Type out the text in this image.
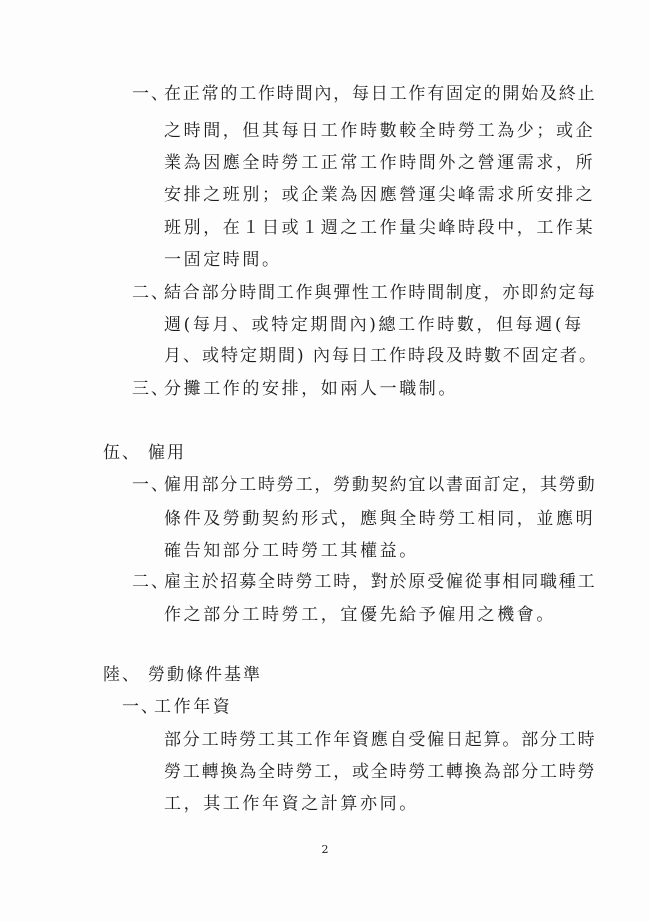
一、
在正常的工作時間內，每日工作有固定的開始及終止
之時間，但其每日工作時數較全時勞工為少；或企
業為因應全時勞工正常工作時間外之營運需求，所
安排之班別；或企業為因應營運尖峰需求所安排之
班別，在１日或１週之工作量尖峰時段中，工作某
一固定時間。
二、
結合部分時間工作與彈性工作時間制度，亦即約定每
週(每月、或特定期間內)總工作時數，但每週(每
月、或特定期間) 內每日工作時段及時數不固定者。
三、
分攤工作的安排，如兩人一職制。
伍、 僱用
一、
僱用部分工時勞工，勞動契約宜以書面訂定，其勞動
條件及勞動契約形式，應與全時勞工相同，並應明
確告知部分工時勞工其權益。
二、
雇主於招募全時勞工時，對於原受僱從事相同職種工
作之部分工時勞工，宜優先給予僱用之機會。
陸、 勞動條件基準
一、
工作年資
部分工時勞工其工作年資應自受僱日起算。部分工時
勞工轉換為全時勞工，或全時勞工轉換為部分工時勞
工，其工作年資之計算亦同。
2
